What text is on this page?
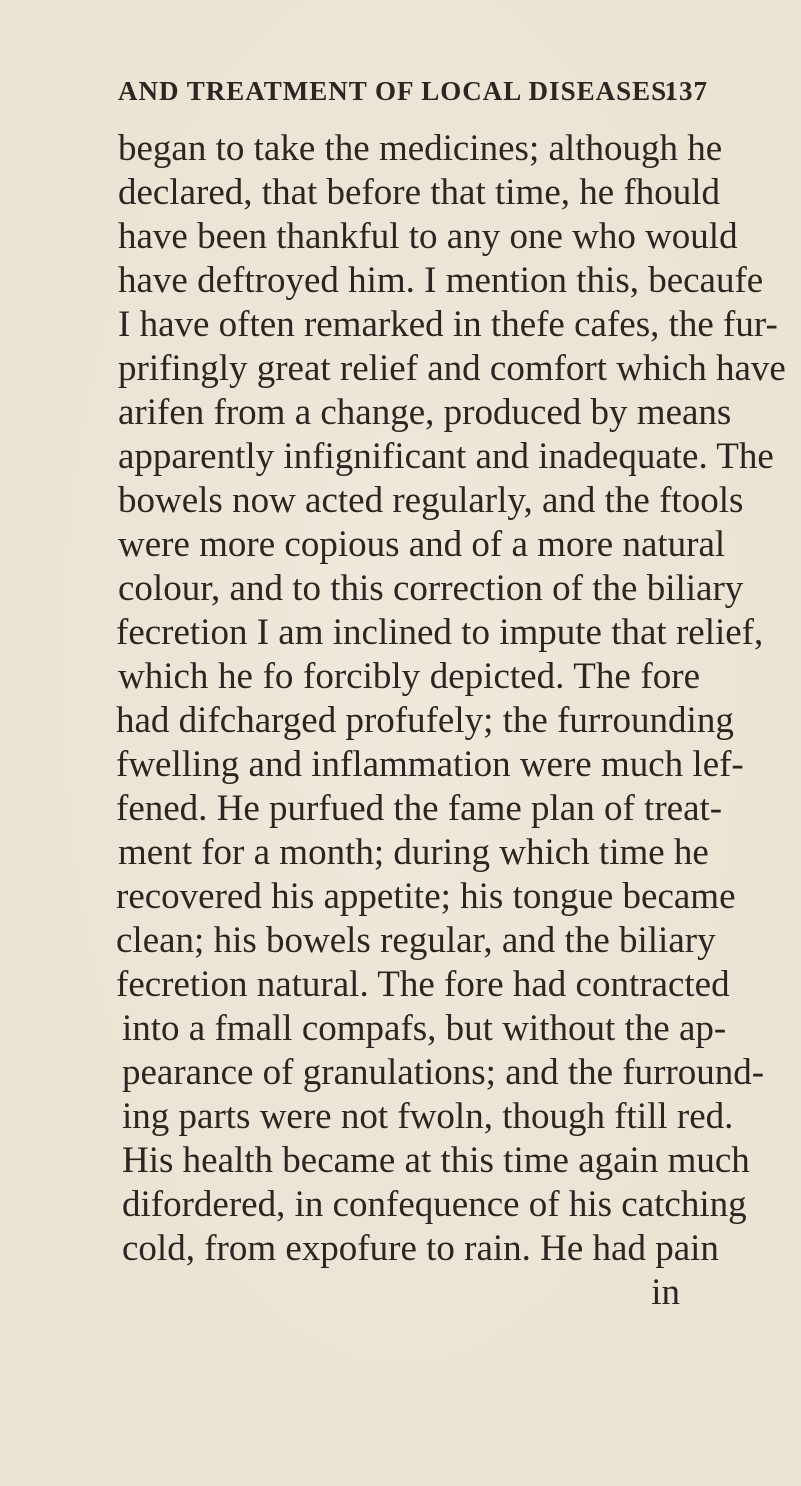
AND TREATMENT OF LOCAL DISEASES.
137
began to take the medicines; although he
declared, that before that time, he fhould
have been thankful to any one who would
have deftroyed him. I mention this, becaufe
I have often remarked in thefe cafes, the fur-
prifingly great relief and comfort which have
arifen from a change, produced by means
apparently infignificant and inadequate. The
bowels now acted regularly, and the ftools
were more copious and of a more natural
colour, and to this correction of the biliary
fecretion I am inclined to impute that relief,
which he fo forcibly depicted. The fore
had difcharged profufely; the furrounding
fwelling and inflammation were much lef-
fened. He purfued the fame plan of treat-
ment for a month; during which time he
recovered his appetite; his tongue became
clean; his bowels regular, and the biliary
fecretion natural. The fore had contracted
into a fmall compafs, but without the ap-
pearance of granulations; and the furround-
ing parts were not fwoln, though ftill red.
His health became at this time again much
difordered, in confequence of his catching
cold, from expofure to rain. He had pain
in
